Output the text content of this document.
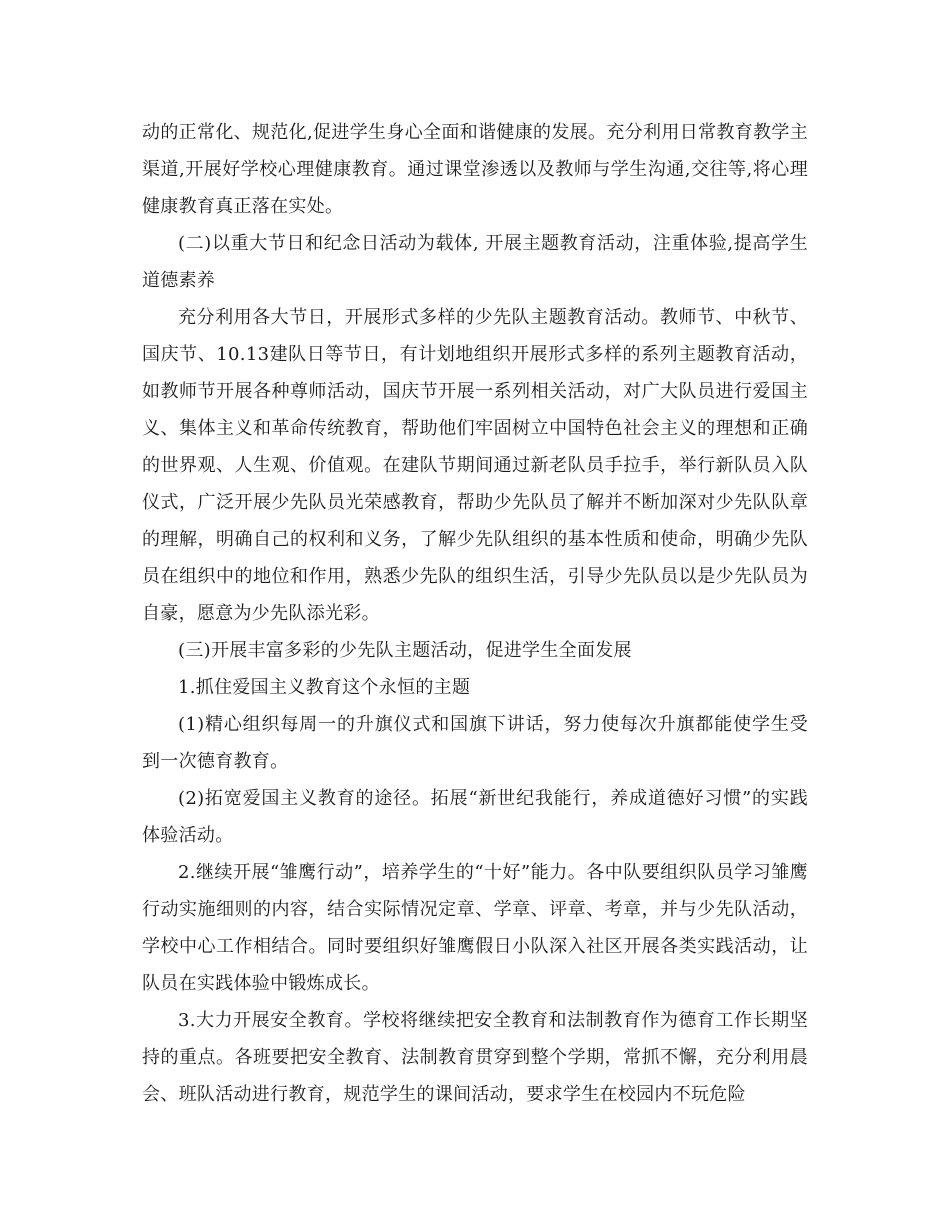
动的正常化、规范化,促进学生身心全面和谐健康的发展。充分利用日常教育教学主渠道,开展好学校心理健康教育。通过课堂渗透以及教师与学生沟通,交往等,将心理健康教育真正落在实处。

(二)以重大节日和纪念日活动为载体, 开展主题教育活动，注重体验,提高学生道德素养

充分利用各大节日，开展形式多样的少先队主题教育活动。教师节、中秋节、国庆节、10.13建队日等节日，有计划地组织开展形式多样的系列主题教育活动，如教师节开展各种尊师活动，国庆节开展一系列相关活动，对广大队员进行爱国主义、集体主义和革命传统教育，帮助他们牢固树立中国特色社会主义的理想和正确的世界观、人生观、价值观。在建队节期间通过新老队员手拉手，举行新队员入队仪式，广泛开展少先队员光荣感教育，帮助少先队员了解并不断加深对少先队队章的理解，明确自己的权利和义务，了解少先队组织的基本性质和使命，明确少先队员在组织中的地位和作用，熟悉少先队的组织生活，引导少先队员以是少先队员为自豪，愿意为少先队添光彩。

(三)开展丰富多彩的少先队主题活动，促进学生全面发展

1.抓住爱国主义教育这个永恒的主题

(1)精心组织每周一的升旗仪式和国旗下讲话，努力使每次升旗都能使学生受到一次德育教育。

(2)拓宽爱国主义教育的途径。拓展“新世纪我能行，养成道德好习惯”的实践体验活动。

2.继续开展“雏鹰行动”，培养学生的“十好”能力。各中队要组织队员学习雏鹰行动实施细则的内容，结合实际情况定章、学章、评章、考章，并与少先队活动，学校中心工作相结合。同时要组织好雏鹰假日小队深入社区开展各类实践活动，让队员在实践体验中锻炼成长。

3.大力开展安全教育。学校将继续把安全教育和法制教育作为德育工作长期坚持的重点。各班要把安全教育、法制教育贯穿到整个学期，常抓不懈，充分利用晨会、班队活动进行教育，规范学生的课间活动，要求学生在校园内不玩危险
